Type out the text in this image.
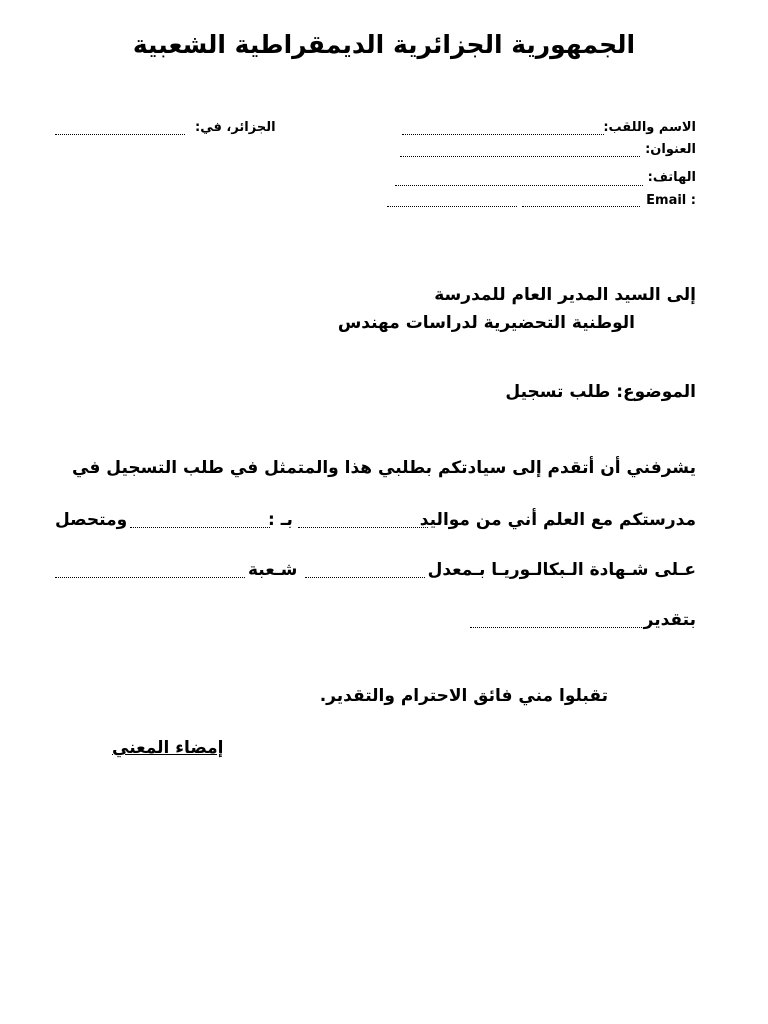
الجمهورية الجزائرية الديمقراطية الشعبية
الاسم واللقب:
العنوان:
الهاتف:
Email :
الجزائر، في:
إلى السيد المدير العام للمدرسة
الوطنية التحضيرية لدراسات مهندس
الموضوع: طلب تسجيل
يشرفني أن أتقدم إلى سيادتكم بطلبي هذا والمتمثل في طلب التسجيل في
مدرستكم مع العلم أني من مواليد
بـ :
ومتحصل
عـلى شـهادة الـبكالـوريـا بـمعدل
شـعبة
بتقدير
تقبلوا مني فائق الاحترام والتقدير.
إمضاء المعني
